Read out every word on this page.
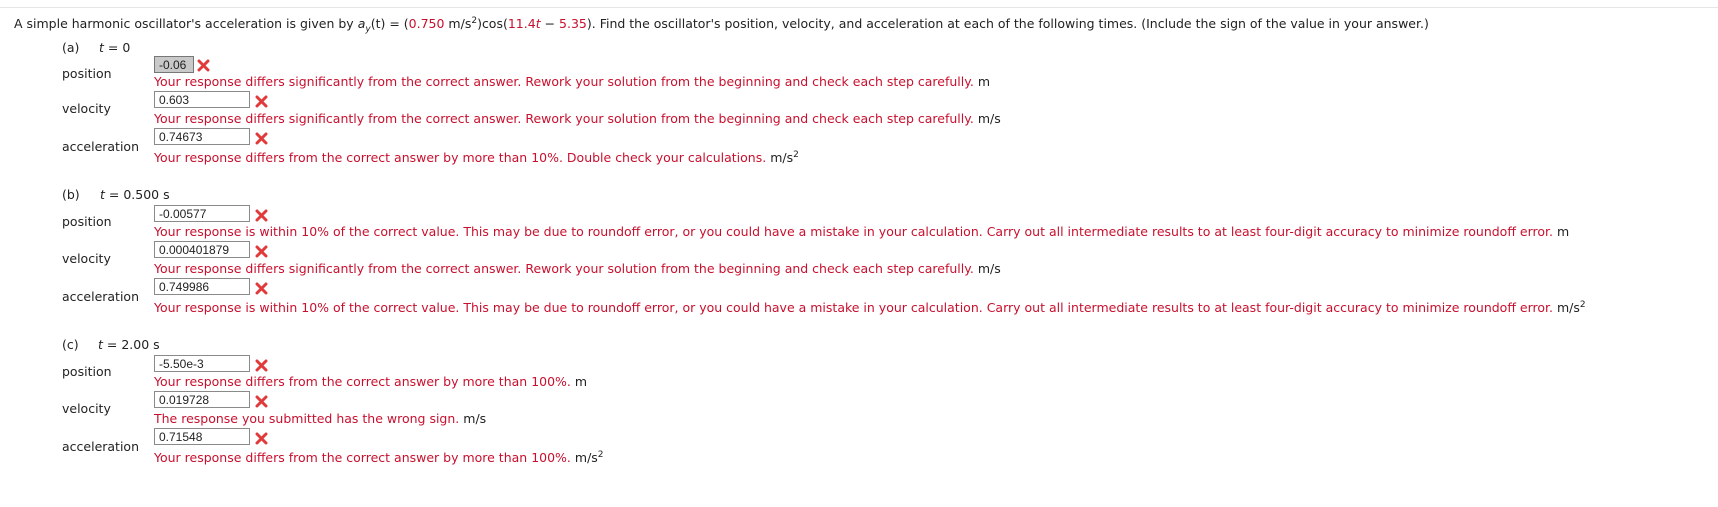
A simple harmonic oscillator's acceleration is given by $a_y(t) = (0.750$ $m/s^2)\cos(11.4t - 5.35)$. Find the oscillator's position, velocity, and acceleration at each of the following times. (Include the sign of the value in your answer.)
(a) t = 0
position
-0.06
Your response differs significantly from the correct answer. Rework your solution from the beginning and check each step carefully. m
velocity
0.603
Your response differs significantly from the correct answer. Rework your solution from the beginning and check each step carefully. m/s
acceleration
0.74673
Your response differs from the correct answer by more than 10%. Double check your calculations. $m/s^2$
(b) t = 0.500 s
position	-0.00577
Your response is within 10% of the correct value. This may be due to roundoff error, or you could have a mistake in your calculation. Carry out all intermediate results to at least four-digit accuracy to minimize roundoff error. m
velocity
0.000401879
Your response differs significantly from the correct answer. Rework your solution from the beginning and check each step carefully. m/s
acceleration
0.749986
Your response is within 10% of the correct value. This may be due to roundoff error, or you could have a mistake in your calculation. Carry out all intermediate results to at least four-digit accuracy to minimize roundoff error. $m/s^2$
(c) t = 2.00 s
position	-5.50e-3
Your response differs from the correct answer by more than 100%. m
velocity
0.019728
The response you submitted has the wrong sign. m/s
acceleration
0.71548
Your response differs from the correct answer by more than 100%. $m/s^2$
